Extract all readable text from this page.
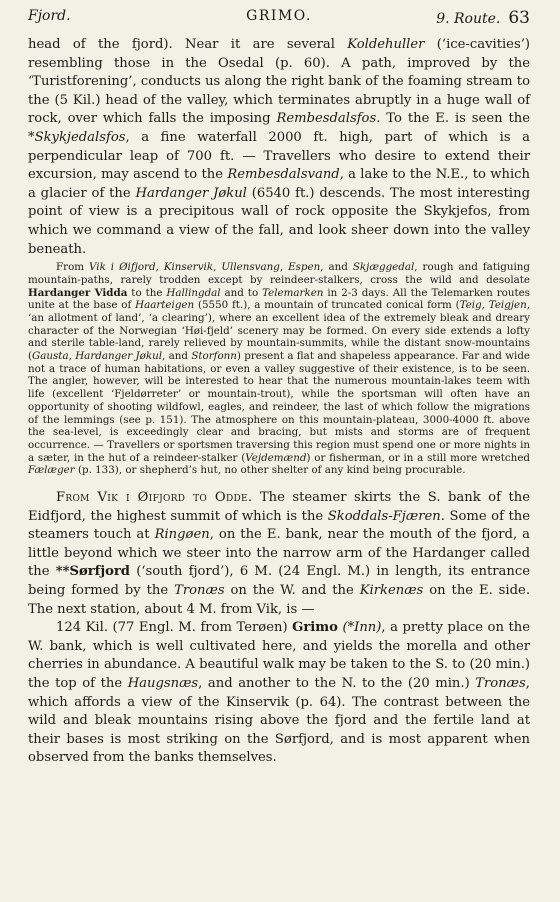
Fjord.	GRIMO.	9. Route. 63

head of the fjord). Near it are several Koldehuller (‘ice-cavities’) resembling those in the Osedal (p. 60). A path, improved by the ‘Turistforening’, conducts us along the right bank of the foaming stream to the (5 Kil.) head of the valley, which terminates abruptly in a huge wall of rock, over which falls the imposing Rembesdalsfos. To the E. is seen the *Skykjedalsfos, a fine waterfall 2000 ft. high, part of which is a perpendicular leap of 700 ft. — Travellers who desire to extend their excursion, may ascend to the Rembesdalsvand, a lake to the N.E., to which a glacier of the Hardanger Jøkul (6540 ft.) descends. The most interesting point of view is a precipitous wall of rock opposite the Skykjefos, from which we command a view of the fall, and look sheer down into the valley beneath.

From Vik i Øifjord, Kinservik, Ullensvang, Espen, and Skjæggedal, rough and fatiguing mountain-paths, rarely trodden except by reindeer-stalkers, cross the wild and desolate Hardanger Vidda to the Hallingdal and to Telemarken in 2-3 days. All the Telemarken routes unite at the base of Haarteigen (5550 ft.), a mountain of truncated conical form (Teig, Teigjen, ‘an allotment of land’, ‘a clearing’), where an excellent idea of the extremely bleak and dreary character of the Norwegian ‘Høi-fjeld’ scenery may be formed. On every side extends a lofty and sterile table-land, rarely relieved by mountain-summits, while the distant snow-mountains (Gausta, Hardanger Jøkul, and Storfonn) present a flat and shapeless appearance. Far and wide not a trace of human habitations, or even a valley suggestive of their existence, is to be seen. The angler, however, will be interested to hear that the numerous mountain-lakes teem with life (excellent ‘Fjeldørreter’ or mountain-trout), while the sportsman will often have an opportunity of shooting wildfowl, eagles, and reindeer, the last of which follow the migrations of the lemmings (see p. 151). The atmosphere on this mountain-plateau, 3000-4000 ft. above the sea-level, is exceedingly clear and bracing, but mists and storms are of frequent occurrence. — Travellers or sportsmen traversing this region must spend one or more nights in a sæter, in the hut of a reindeer-stalker (Vejdemænd) or fisherman, or in a still more wretched Fælæger (p. 133), or shepherd’s hut, no other shelter of any kind being procurable.

From Vik i Øifjord to Odde. The steamer skirts the S. bank of the Eidfjord, the highest summit of which is the Skoddals-Fjæren. Some of the steamers touch at Ringøen, on the E. bank, near the mouth of the fjord, a little beyond which we steer into the narrow arm of the Hardanger called the **Sørfjord (‘south fjord’), 6 M. (24 Engl. M.) in length, its entrance being formed by the Tronæs on the W. and the Kirkenæs on the E. side. The next station, about 4 M. from Vik, is —

124 Kil. (77 Engl. M. from Terøen) Grimo (*Inn), a pretty place on the W. bank, which is well cultivated here, and yields the morella and other cherries in abundance. A beautiful walk may be taken to the S. to (20 min.) the top of the Haugsnæs, and another to the N. to the (20 min.) Tronæs, which affords a view of the Kinservik (p. 64). The contrast between the wild and bleak mountains rising above the fjord and the fertile land at their bases is most striking on the Sørfjord, and is most apparent when observed from the banks themselves.
